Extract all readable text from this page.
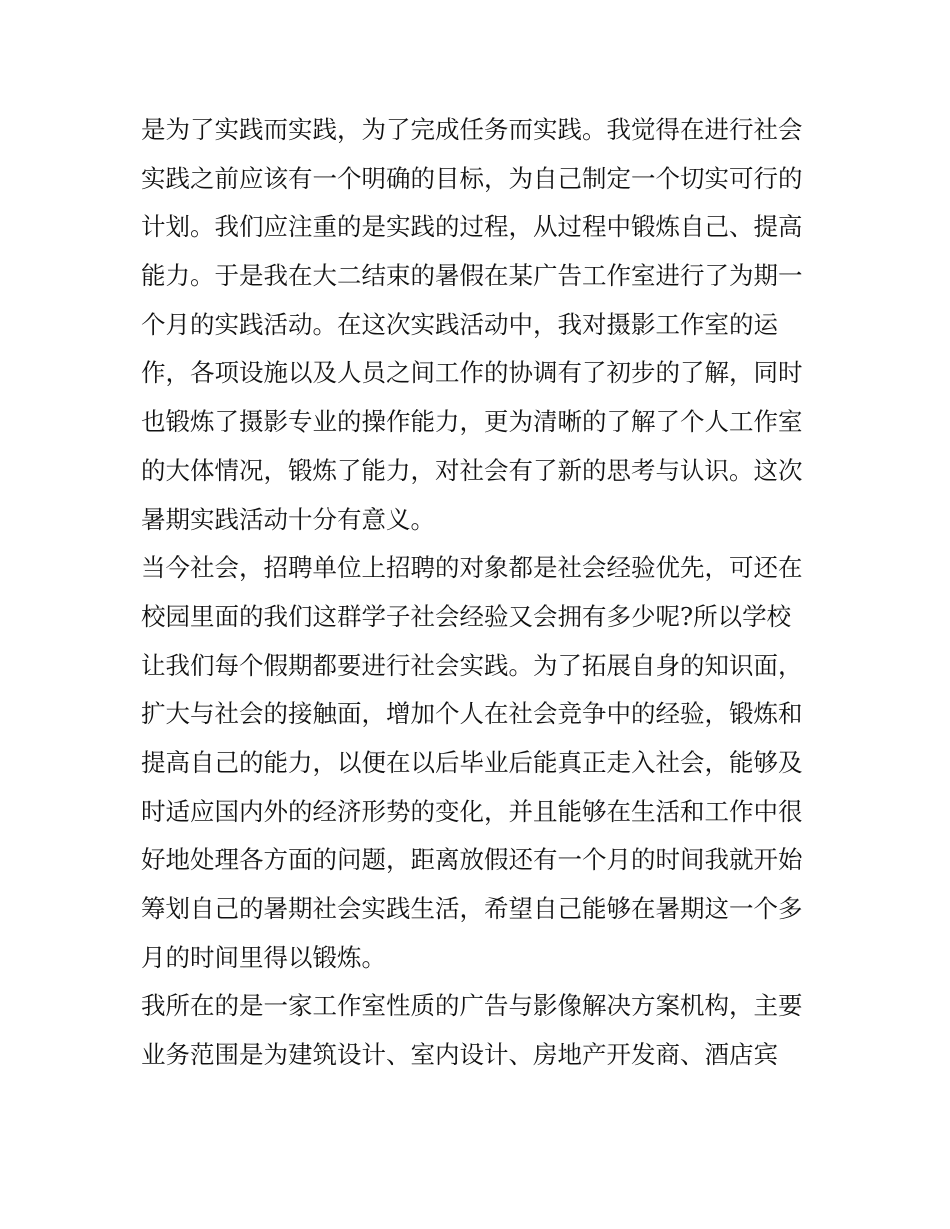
是为了实践而实践，为了完成任务而实践。我觉得在进行社会
实践之前应该有一个明确的目标，为自己制定一个切实可行的
计划。我们应注重的是实践的过程，从过程中锻炼自己、提高
能力。于是我在大二结束的暑假在某广告工作室进行了为期一
个月的实践活动。在这次实践活动中，我对摄影工作室的运
作，各项设施以及人员之间工作的协调有了初步的了解，同时
也锻炼了摄影专业的操作能力，更为清晰的了解了个人工作室
的大体情况，锻炼了能力，对社会有了新的思考与认识。这次
暑期实践活动十分有意义。
当今社会，招聘单位上招聘的对象都是社会经验优先，可还在
校园里面的我们这群学子社会经验又会拥有多少呢?所以学校
让我们每个假期都要进行社会实践。为了拓展自身的知识面，
扩大与社会的接触面，增加个人在社会竞争中的经验，锻炼和
提高自己的能力，以便在以后毕业后能真正走入社会，能够及
时适应国内外的经济形势的变化，并且能够在生活和工作中很
好地处理各方面的问题，距离放假还有一个月的时间我就开始
筹划自己的暑期社会实践生活，希望自己能够在暑期这一个多
月的时间里得以锻炼。
我所在的是一家工作室性质的广告与影像解决方案机构，主要
业务范围是为建筑设计、室内设计、房地产开发商、酒店宾
